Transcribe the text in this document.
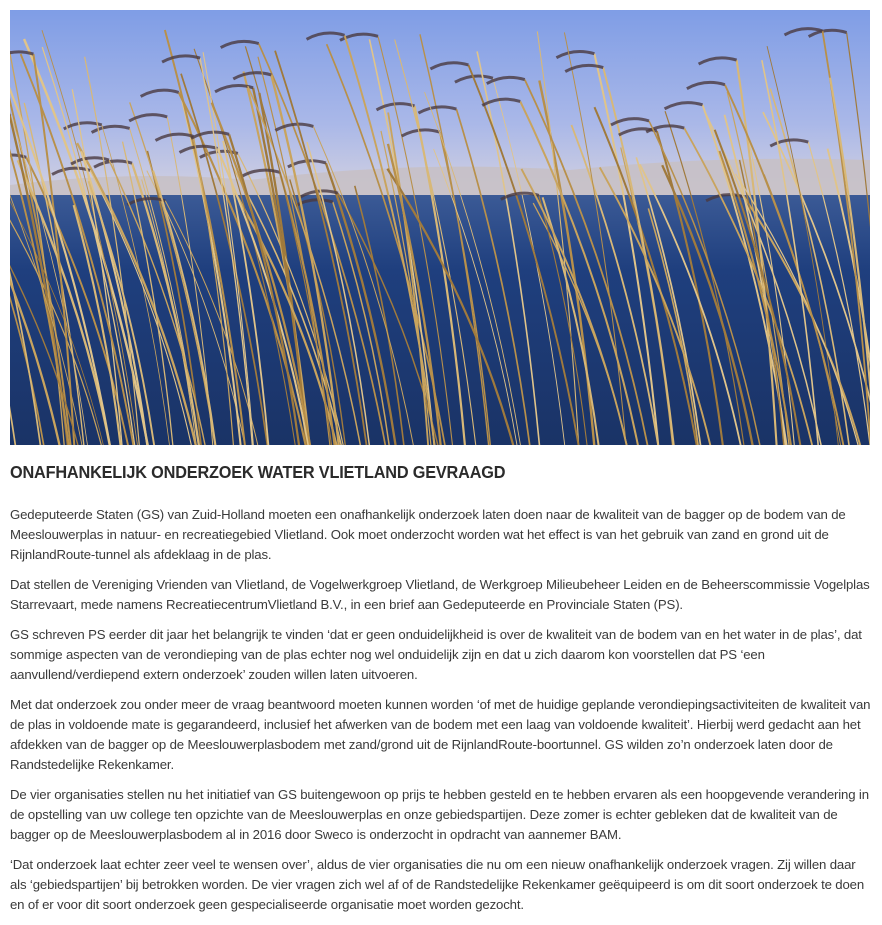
ONAFHANKELIJK ONDERZOEK WATER VLIETLAND GEVRAAGD

Gedeputeerde Staten (GS) van Zuid-Holland moeten een onafhankelijk onderzoek laten doen naar de kwaliteit van de bagger op de bodem van de Meeslouwerplas in natuur- en recreatiegebied Vlietland. Ook moet onderzocht worden wat het effect is van het gebruik van zand en grond uit de RijnlandRoute-tunnel als afdeklaag in de plas.

Dat stellen de Vereniging Vrienden van Vlietland, de Vogelwerkgroep Vlietland, de Werkgroep Milieubeheer Leiden en de Beheerscommissie Vogelplas Starrevaart, mede namens RecreatiecentrumVlietland B.V., in een brief aan Gedeputeerde en Provinciale Staten (PS).

GS schreven PS eerder dit jaar het belangrijk te vinden ‘dat er geen onduidelijkheid is over de kwaliteit van de bodem van en het water in de plas’, dat sommige aspecten van de verondieping van de plas echter nog wel onduidelijk zijn en dat u zich daarom kon voorstellen dat PS ‘een aanvullend/verdiepend extern onderzoek’ zouden willen laten uitvoeren.

Met dat onderzoek zou onder meer de vraag beantwoord moeten kunnen worden ‘of met de huidige geplande verondiepingsactiviteiten de kwaliteit van de plas in voldoende mate is gegarandeerd, inclusief het afwerken van de bodem met een laag van voldoende kwaliteit’. Hierbij werd gedacht aan het afdekken van de bagger op de Meeslouwerplasbodem met zand/grond uit de RijnlandRoute-boortunnel. GS wilden zo’n onderzoek laten door de Randstedelijke Rekenkamer.

De vier organisaties stellen nu het initiatief van GS buitengewoon op prijs te hebben gesteld en te hebben ervaren als een hoopgevende verandering in de opstelling van uw college ten opzichte van de Meeslouwerplas en onze gebiedspartijen. Deze zomer is echter gebleken dat de kwaliteit van de bagger op de Meeslouwerplasbodem al in 2016 door Sweco is onderzocht in opdracht van aannemer BAM.

‘Dat onderzoek laat echter zeer veel te wensen over’, aldus de vier organisaties die nu om een nieuw onafhankelijk onderzoek vragen. Zij willen daar als ‘gebiedspartijen’ bij betrokken worden. De vier vragen zich wel af of de Randstedelijke Rekenkamer geëquipeerd is om dit soort onderzoek te doen en of er voor dit soort onderzoek geen gespecialiseerde organisatie moet worden gezocht.
